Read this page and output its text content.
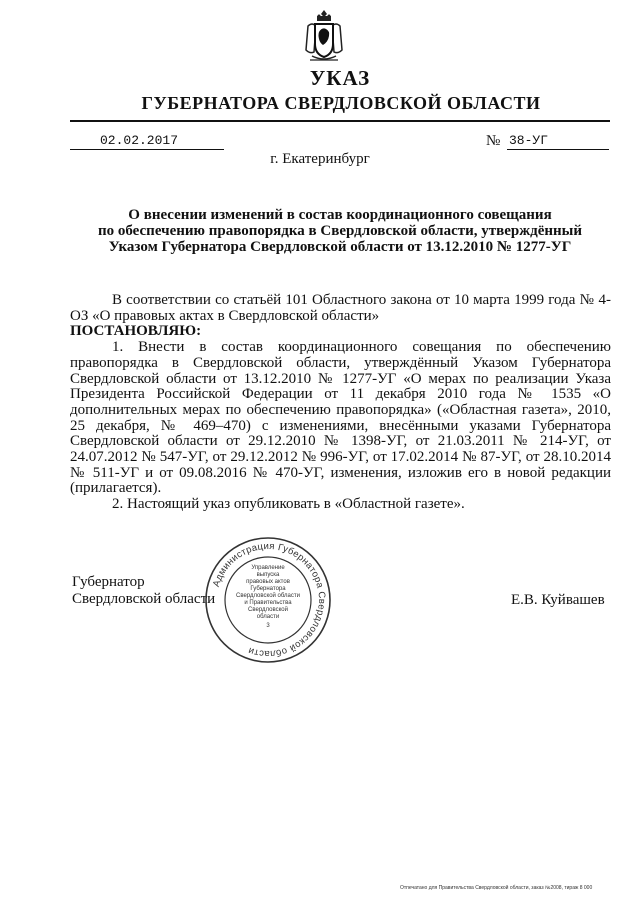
УКАЗ
ГУБЕРНАТОРА СВЕРДЛОВСКОЙ ОБЛАСТИ
02.02.2017	№ 38-УГ
г. Екатеринбург
О внесении изменений в состав координационного совещания
по обеспечению правопорядка в Свердловской области, утверждённый
Указом Губернатора Свердловской области от 13.12.2010 № 1277-УГ

В соответствии со статьёй 101 Областного закона от 10 марта 1999 года № 4-ОЗ «О правовых актах в Свердловской области»

ПОСТАНОВЛЯЮ:

1. Внести в состав координационного совещания по обеспечению правопорядка в Свердловской области, утверждённый Указом Губернатора Свердловской области от 13.12.2010 № 1277-УГ «О мерах по реализации Указа Президента Российской Федерации от 11 декабря 2010 года № 1535 «О дополнительных мерах по обеспечению правопорядка» («Областная газета», 2010, 25 декабря, № 469–470) с изменениями, внесёнными указами Губернатора Свердловской области от 29.12.2010 № 1398-УГ, от 21.03.2011 № 214-УГ, от 24.07.2012 № 547-УГ, от 29.12.2012 № 996-УГ, от 17.02.2014 № 87-УГ, от 28.10.2014 № 511-УГ и от 09.08.2016 № 470-УГ, изменения, изложив его в новой редакции (прилагается).

2. Настоящий указ опубликовать в «Областной газете».

Губернатор
Свердловской области	Е.В. Куйвашев
Администрация Губернатора Свердловской области
Управление
выпуска
правовых актов
Губернатора
Свердловской области
и Правительства
Свердловской
области
3
Отпечатано для Правительства Свердловской области, заказ №2008, тираж 8 000
